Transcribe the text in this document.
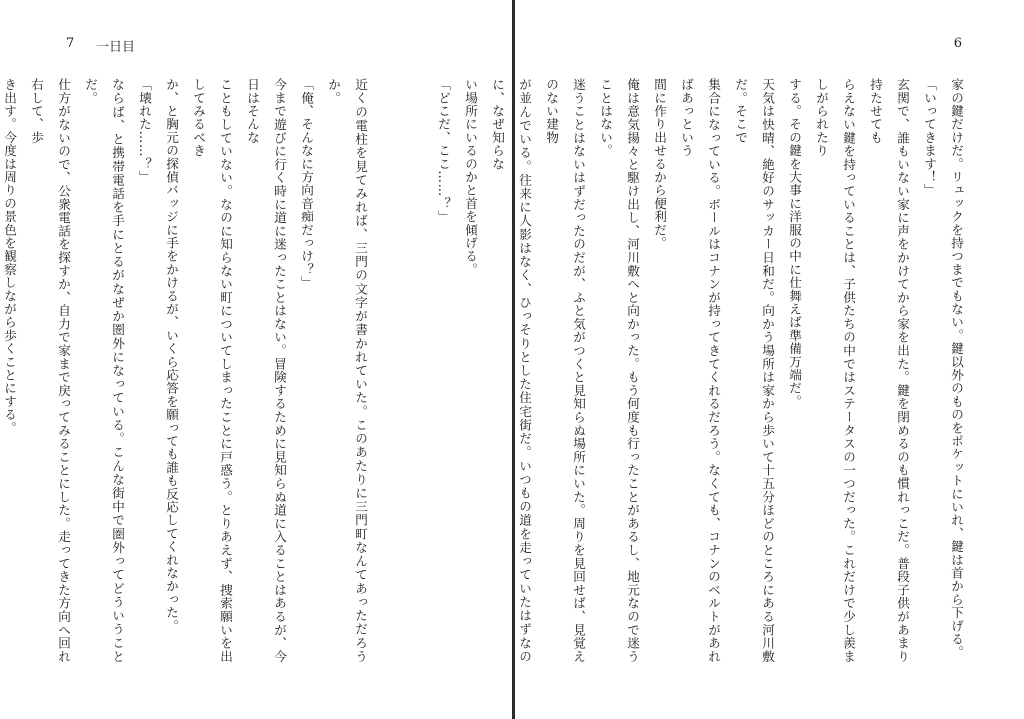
7 一日目

近くの電柱を見てみれば、三門の文字が書かれていた。このあたりに三門町なんてあっただろうか。

「俺、そんなに方向音痴だっけ？」

今まで遊びに行く時に道に迷ったことはない。冒険するために見知らぬ道に入ることはあるが、今日はそんな

こともしていない。なのに知らない町についてしまったことに戸惑う。とりあえず、捜索願いを出してみるべき

か、と胸元の探偵バッジに手をかけるが、いくら応答を願っても誰も反応してくれなかった。

「壊れた……？」

ならば、と携帯電話を手にとるがなぜか圏外になっている。こんな街中で圏外ってどういうことだ。

仕方がないので、公衆電話を探すか、自力で家まで戻ってみることにした。走ってきた方向へ回れ右して、歩

き出す。今度は周りの景色を観察しながら歩くことにする。

6

家の鍵だけだ。リュックを持つまでもない。鍵以外のものをポケットにいれ、鍵は首から下げる。

「いってきます！」

玄関で、誰もいない家に声をかけてから家を出た。鍵を閉めるのも慣れっこだ。普段子供があまり持たせても

らえない鍵を持っていることは、子供たちの中ではステータスの一つだった。これだけで少し羨ましがられたり

する。その鍵を大事に洋服の中に仕舞えば準備万端だ。

天気は快晴、絶好のサッカー日和だ。向かう場所は家から歩いて十五分ほどのところにある河川敷だ。そこで

集合になっている。ボールはコナンが持ってきてくれるだろう。なくても、コナンのベルトがあればあっという

間に作り出せるから便利だ。

俺は意気揚々と駆け出し、河川敷へと向かった。もう何度も行ったことがあるし、地元なので迷うことはない。

迷うことはないはずだったのだが、ふと気がつくと見知らぬ場所にいた。周りを見回せば、見覚えのない建物

が並んでいる。往来に人影はなく、ひっそりとした住宅街だ。いつもの道を走っていたはずなのに、なぜ知らな

い場所にいるのかと首を傾げる。

「どこだ、ここ……？」
